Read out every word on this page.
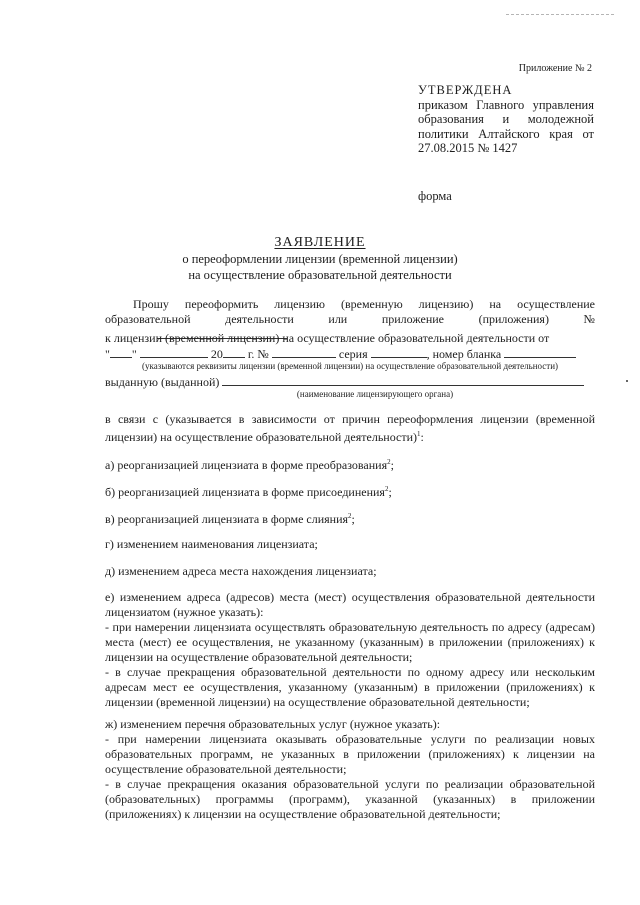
Приложение № 2
УТВЕРЖДЕНА
приказом Главного управления образования и молодежной политики Алтайского края от 27.08.2015 № 1427
форма
ЗАЯВЛЕНИЕ
о переоформлении лицензии (временной лицензии)
на осуществление образовательной деятельности
Прошу переоформить лицензию (временную лицензию) на осуществление образовательной деятельности или приложение (приложения) №
к лицензии (временной лицензии) на осуществление образовательной деятельности от
" "	20 г. №	серия	, номер бланка
(указываются реквизиты лицензии (временной лицензии) на осуществление образовательной деятельности)
выданную (выданной)
(наименование лицензирующего органа)
в связи с (указывается в зависимости от причин переоформления лицензии (временной лицензии) на осуществление образовательной деятельности)$^1$:
а) реорганизацией лицензиата в форме преобразования$^2$;
б) реорганизацией лицензиата в форме присоединения$^2$;
в) реорганизацией лицензиата в форме слияния$^2$;
г) изменением наименования лицензиата;
д) изменением адреса места нахождения лицензиата;
е) изменением адреса (адресов) места (мест) осуществления образовательной деятельности лицензиатом (нужное указать):
- при намерении лицензиата осуществлять образовательную деятельность по адресу (адресам) места (мест) ее осуществления, не указанному (указанным) в приложении (приложениях) к лицензии на осуществление образовательной деятельности;
- в случае прекращения образовательной деятельности по одному адресу или нескольким адресам мест ее осуществления, указанному (указанным) в приложении (приложениях) к лицензии (временной лицензии) на осуществление образовательной деятельности;
ж) изменением перечня образовательных услуг (нужное указать):
- при намерении лицензиата оказывать образовательные услуги по реализации новых образовательных программ, не указанных в приложении (приложениях) к лицензии на осуществление образовательной деятельности;
- в случае прекращения оказания образовательной услуги по реализации образовательной (образовательных) программы (программ), указанной (указанных) в приложении (приложениях) к лицензии на осуществление образовательной деятельности;
